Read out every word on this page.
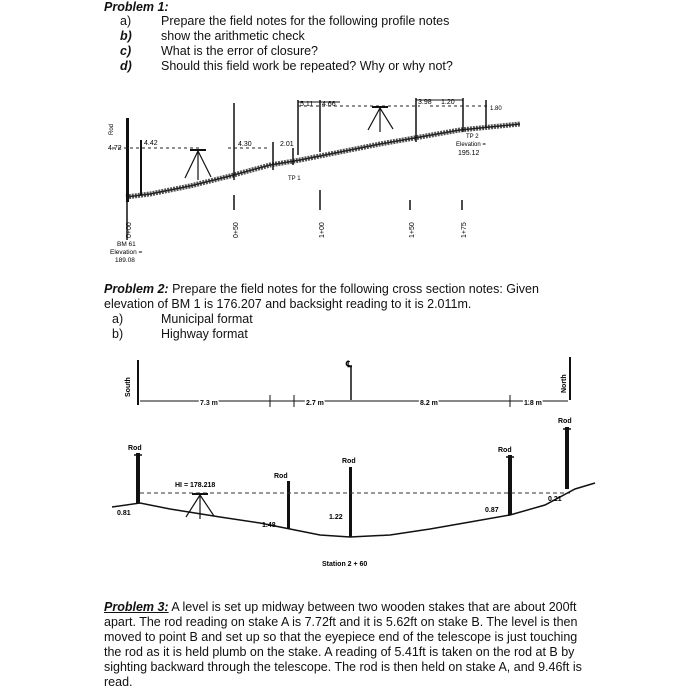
Problem 1:
a) Prepare the field notes for the following profile notes
b) show the arithmetic check
c) What is the error of closure?
d) Should this field work be repeated? Why or why not?
Rod
4.72
4.42	4.30	2.01
TP 1
5.11 4.66	3.98 1.20
1.80
TP 2
Elevation =
195.12
0+00	0+50	1+00	1+50	1+75
BM 61
Elevation =
189.08
Problem 2: Prepare the field notes for the following cross section notes: Given
elevation of BM 1 is 176.207 and backsight reading to it is 2.011m.
a)	Municipal format
b)	Highway format
South	North
℄
7.3 m	2.7 m	8.2 m	1.8 m
Rod
Rod
Rod
Rod
Rod
HI = 178.218
0.81
1.48
1.22
0.87
0.21
Station 2 + 60
Problem 3: A level is set up midway between two wooden stakes that are about 200ft
apart. The rod reading on stake A is 7.72ft and it is 5.62ft on stake B. The level is then
moved to point B and set up so that the eyepiece end of the telescope is just touching
the rod as it is held plumb on the stake. A reading of 5.41ft is taken on the rod at B by
sighting backward through the telescope. The rod is then held on stake A, and 9.46ft is
read.
